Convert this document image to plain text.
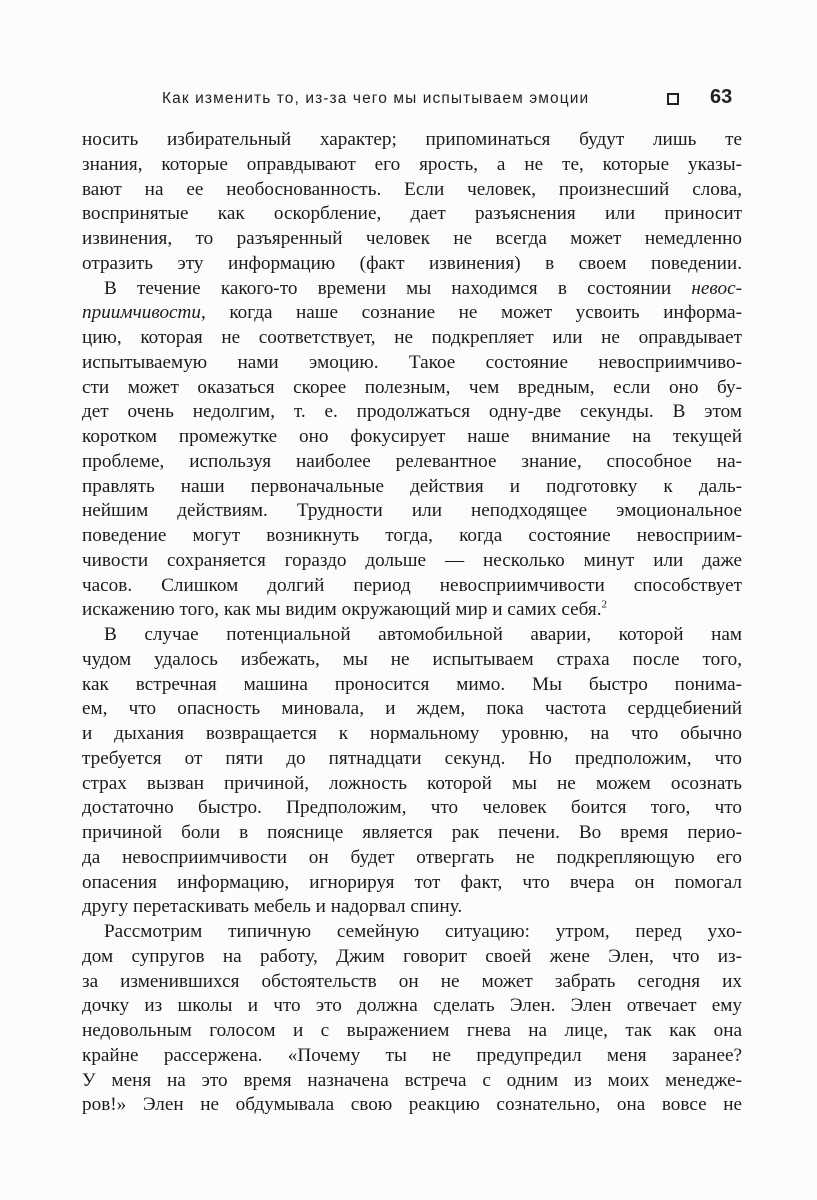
Как изменить то, из-за чего мы испытываем эмоции	63
носить избирательный характер; припоминаться будут лишь те
знания, которые оправдывают его ярость, а не те, которые указы-
вают на ее необоснованность. Если человек, произнесший слова,
воспринятые как оскорбление, дает разъяснения или приносит
извинения, то разъяренный человек не всегда может немедленно
отразить эту информацию (факт извинения) в своем поведении.
В течение какого-то времени мы находимся в состоянии невос-
приимчивости, когда наше сознание не может усвоить информа-
цию, которая не соответствует, не подкрепляет или не оправдывает
испытываемую нами эмоцию. Такое состояние невосприимчиво-
сти может оказаться скорее полезным, чем вредным, если оно бу-
дет очень недолгим, т. е. продолжаться одну-две секунды. В этом
коротком промежутке оно фокусирует наше внимание на текущей
проблеме, используя наиболее релевантное знание, способное на-
правлять наши первоначальные действия и подготовку к даль-
нейшим действиям. Трудности или неподходящее эмоциональное
поведение могут возникнуть тогда, когда состояние невосприим-
чивости сохраняется гораздо дольше — несколько минут или даже
часов. Слишком долгий период невосприимчивости способствует
искажению того, как мы видим окружающий мир и самих себя.$^2$
В случае потенциальной автомобильной аварии, которой нам
чудом удалось избежать, мы не испытываем страха после того,
как встречная машина проносится мимо. Мы быстро понима-
ем, что опасность миновала, и ждем, пока частота сердцебиений
и дыхания возвращается к нормальному уровню, на что обычно
требуется от пяти до пятнадцати секунд. Но предположим, что
страх вызван причиной, ложность которой мы не можем осознать
достаточно быстро. Предположим, что человек боится того, что
причиной боли в пояснице является рак печени. Во время перио-
да невосприимчивости он будет отвергать не подкрепляющую его
опасения информацию, игнорируя тот факт, что вчера он помогал
другу перетаскивать мебель и надорвал спину.
Рассмотрим типичную семейную ситуацию: утром, перед ухо-
дом супругов на работу, Джим говорит своей жене Элен, что из-
за изменившихся обстоятельств он не может забрать сегодня их
дочку из школы и что это должна сделать Элен. Элен отвечает ему
недовольным голосом и с выражением гнева на лице, так как она
крайне рассержена. «Почему ты не предупредил меня заранее?
У меня на это время назначена встреча с одним из моих менедже-
ров!» Элен не обдумывала свою реакцию сознательно, она вовсе не
